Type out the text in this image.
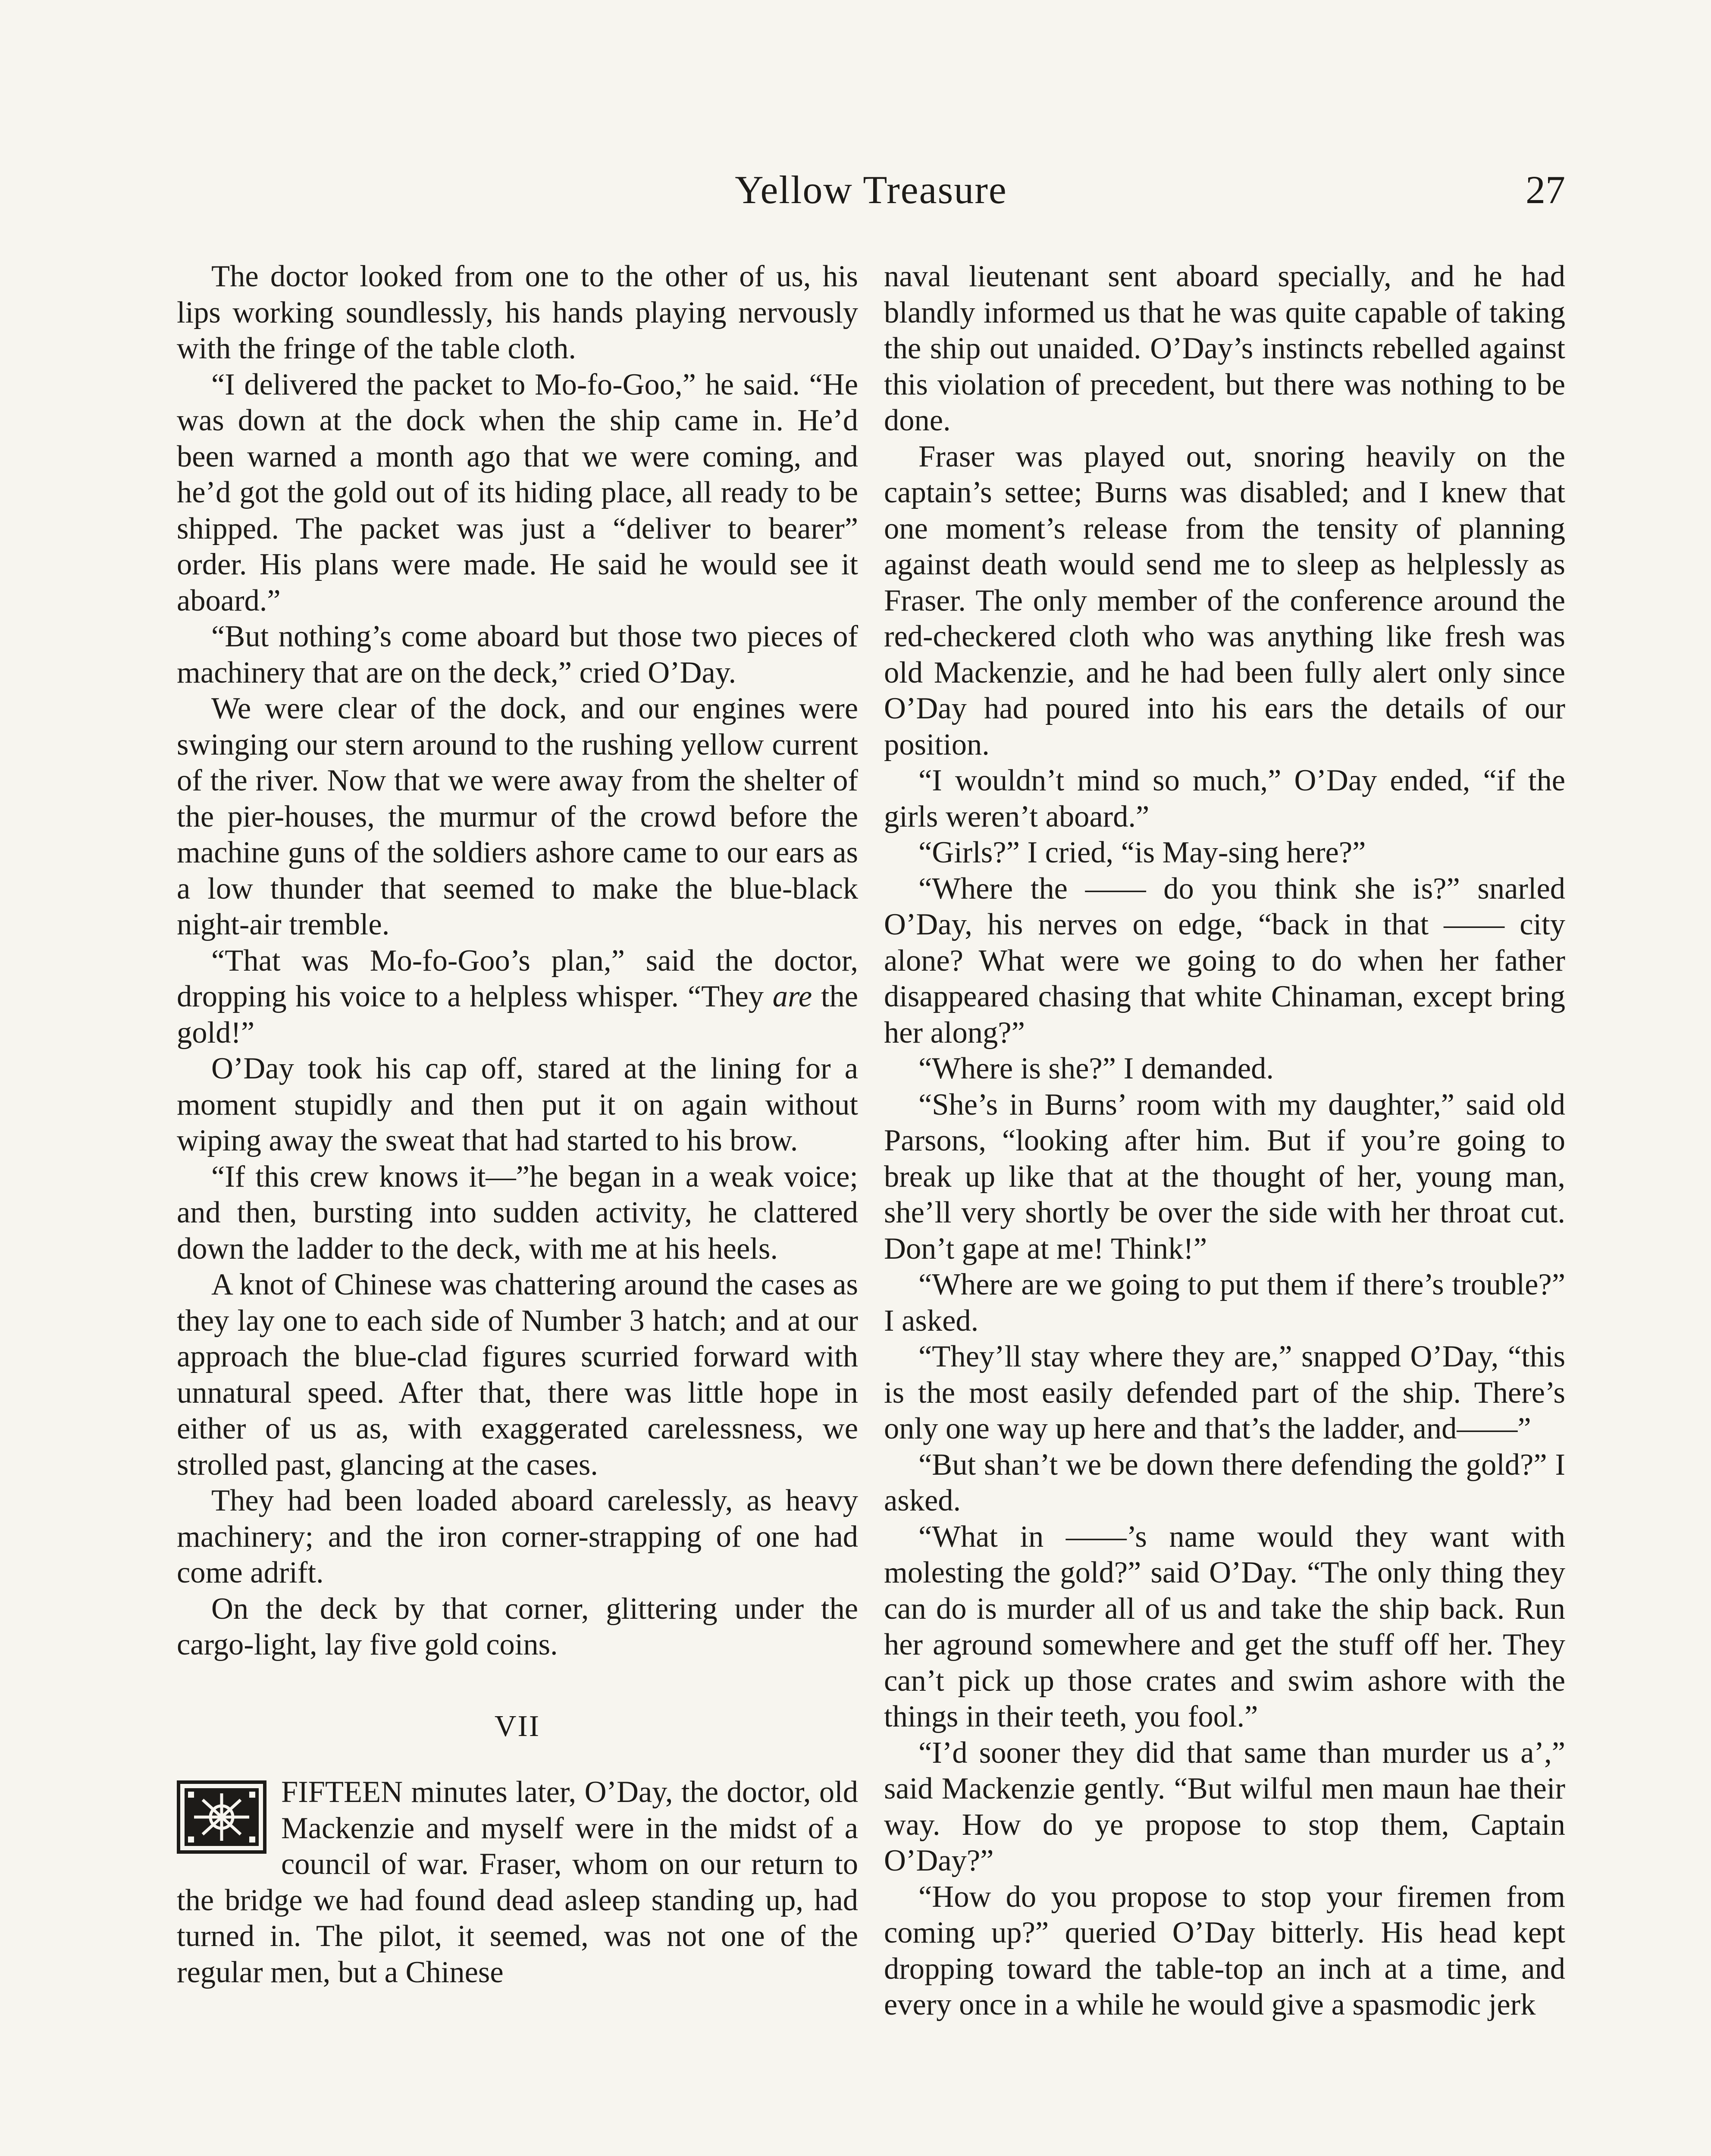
Yellow Treasure	27

The doctor looked from one to the other of us, his lips working soundlessly, his hands playing nervously with the fringe of the table cloth.

“I delivered the packet to Mo-fo-Goo,” he said. “He was down at the dock when the ship came in. He’d been warned a month ago that we were coming, and he’d got the gold out of its hiding place, all ready to be shipped. The packet was just a “deliver to bearer” order. His plans were made. He said he would see it aboard.”

“But nothing’s come aboard but those two pieces of machinery that are on the deck,” cried O’Day.

We were clear of the dock, and our engines were swinging our stern around to the rushing yellow current of the river. Now that we were away from the shelter of the pier-houses, the murmur of the crowd before the machine guns of the soldiers ashore came to our ears as a low thunder that seemed to make the blue-black night-air tremble.

“That was Mo-fo-Goo’s plan,” said the doctor, dropping his voice to a helpless whisper. “They are the gold!”

O’Day took his cap off, stared at the lining for a moment stupidly and then put it on again without wiping away the sweat that had started to his brow.

“If this crew knows it—”he began in a weak voice; and then, bursting into sudden activity, he clattered down the ladder to the deck, with me at his heels.

A knot of Chinese was chattering around the cases as they lay one to each side of Number 3 hatch; and at our approach the blue-clad figures scurried forward with unnatural speed. After that, there was little hope in either of us as, with exaggerated carelessness, we strolled past, glancing at the cases.

They had been loaded aboard carelessly, as heavy machinery; and the iron corner-strapping of one had come adrift.

On the deck by that corner, glittering under the cargo-light, lay five gold coins.

VII

FIFTEEN minutes later, O’Day, the doctor, old Mackenzie and myself were in the midst of a council of war. Fraser, whom on our return to the bridge we had found dead asleep standing up, had turned in. The pilot, it seemed, was not one of the regular men, but a Chinese

naval lieutenant sent aboard specially, and he had blandly informed us that he was quite capable of taking the ship out unaided. O’Day’s instincts rebelled against this violation of precedent, but there was nothing to be done.

Fraser was played out, snoring heavily on the captain’s settee; Burns was disabled; and I knew that one moment’s release from the tensity of planning against death would send me to sleep as helplessly as Fraser. The only member of the conference around the red-checkered cloth who was anything like fresh was old Mackenzie, and he had been fully alert only since O’Day had poured into his ears the details of our position.

“I wouldn’t mind so much,” O’Day ended, “if the girls weren’t aboard.”

“Girls?” I cried, “is May-sing here?”

“Where the —— do you think she is?” snarled O’Day, his nerves on edge, “back in that —— city alone? What were we going to do when her father disappeared chasing that white Chinaman, except bring her along?”

“Where is she?” I demanded.

“She’s in Burns’ room with my daughter,” said old Parsons, “looking after him. But if you’re going to break up like that at the thought of her, young man, she’ll very shortly be over the side with her throat cut. Don’t gape at me! Think!”

“Where are we going to put them if there’s trouble?” I asked.

“They’ll stay where they are,” snapped O’Day, “this is the most easily defended part of the ship. There’s only one way up here and that’s the ladder, and——”

“But shan’t we be down there defending the gold?” I asked.

“What in ——’s name would they want with molesting the gold?” said O’Day. “The only thing they can do is murder all of us and take the ship back. Run her aground somewhere and get the stuff off her. They can’t pick up those crates and swim ashore with the things in their teeth, you fool.”

“I’d sooner they did that same than murder us a’,” said Mackenzie gently. “But wilful men maun hae their way. How do ye propose to stop them, Captain O’Day?”

“How do you propose to stop your firemen from coming up?” queried O’Day bitterly. His head kept dropping toward the table-top an inch at a time, and every once in a while he would give a spasmodic jerk
